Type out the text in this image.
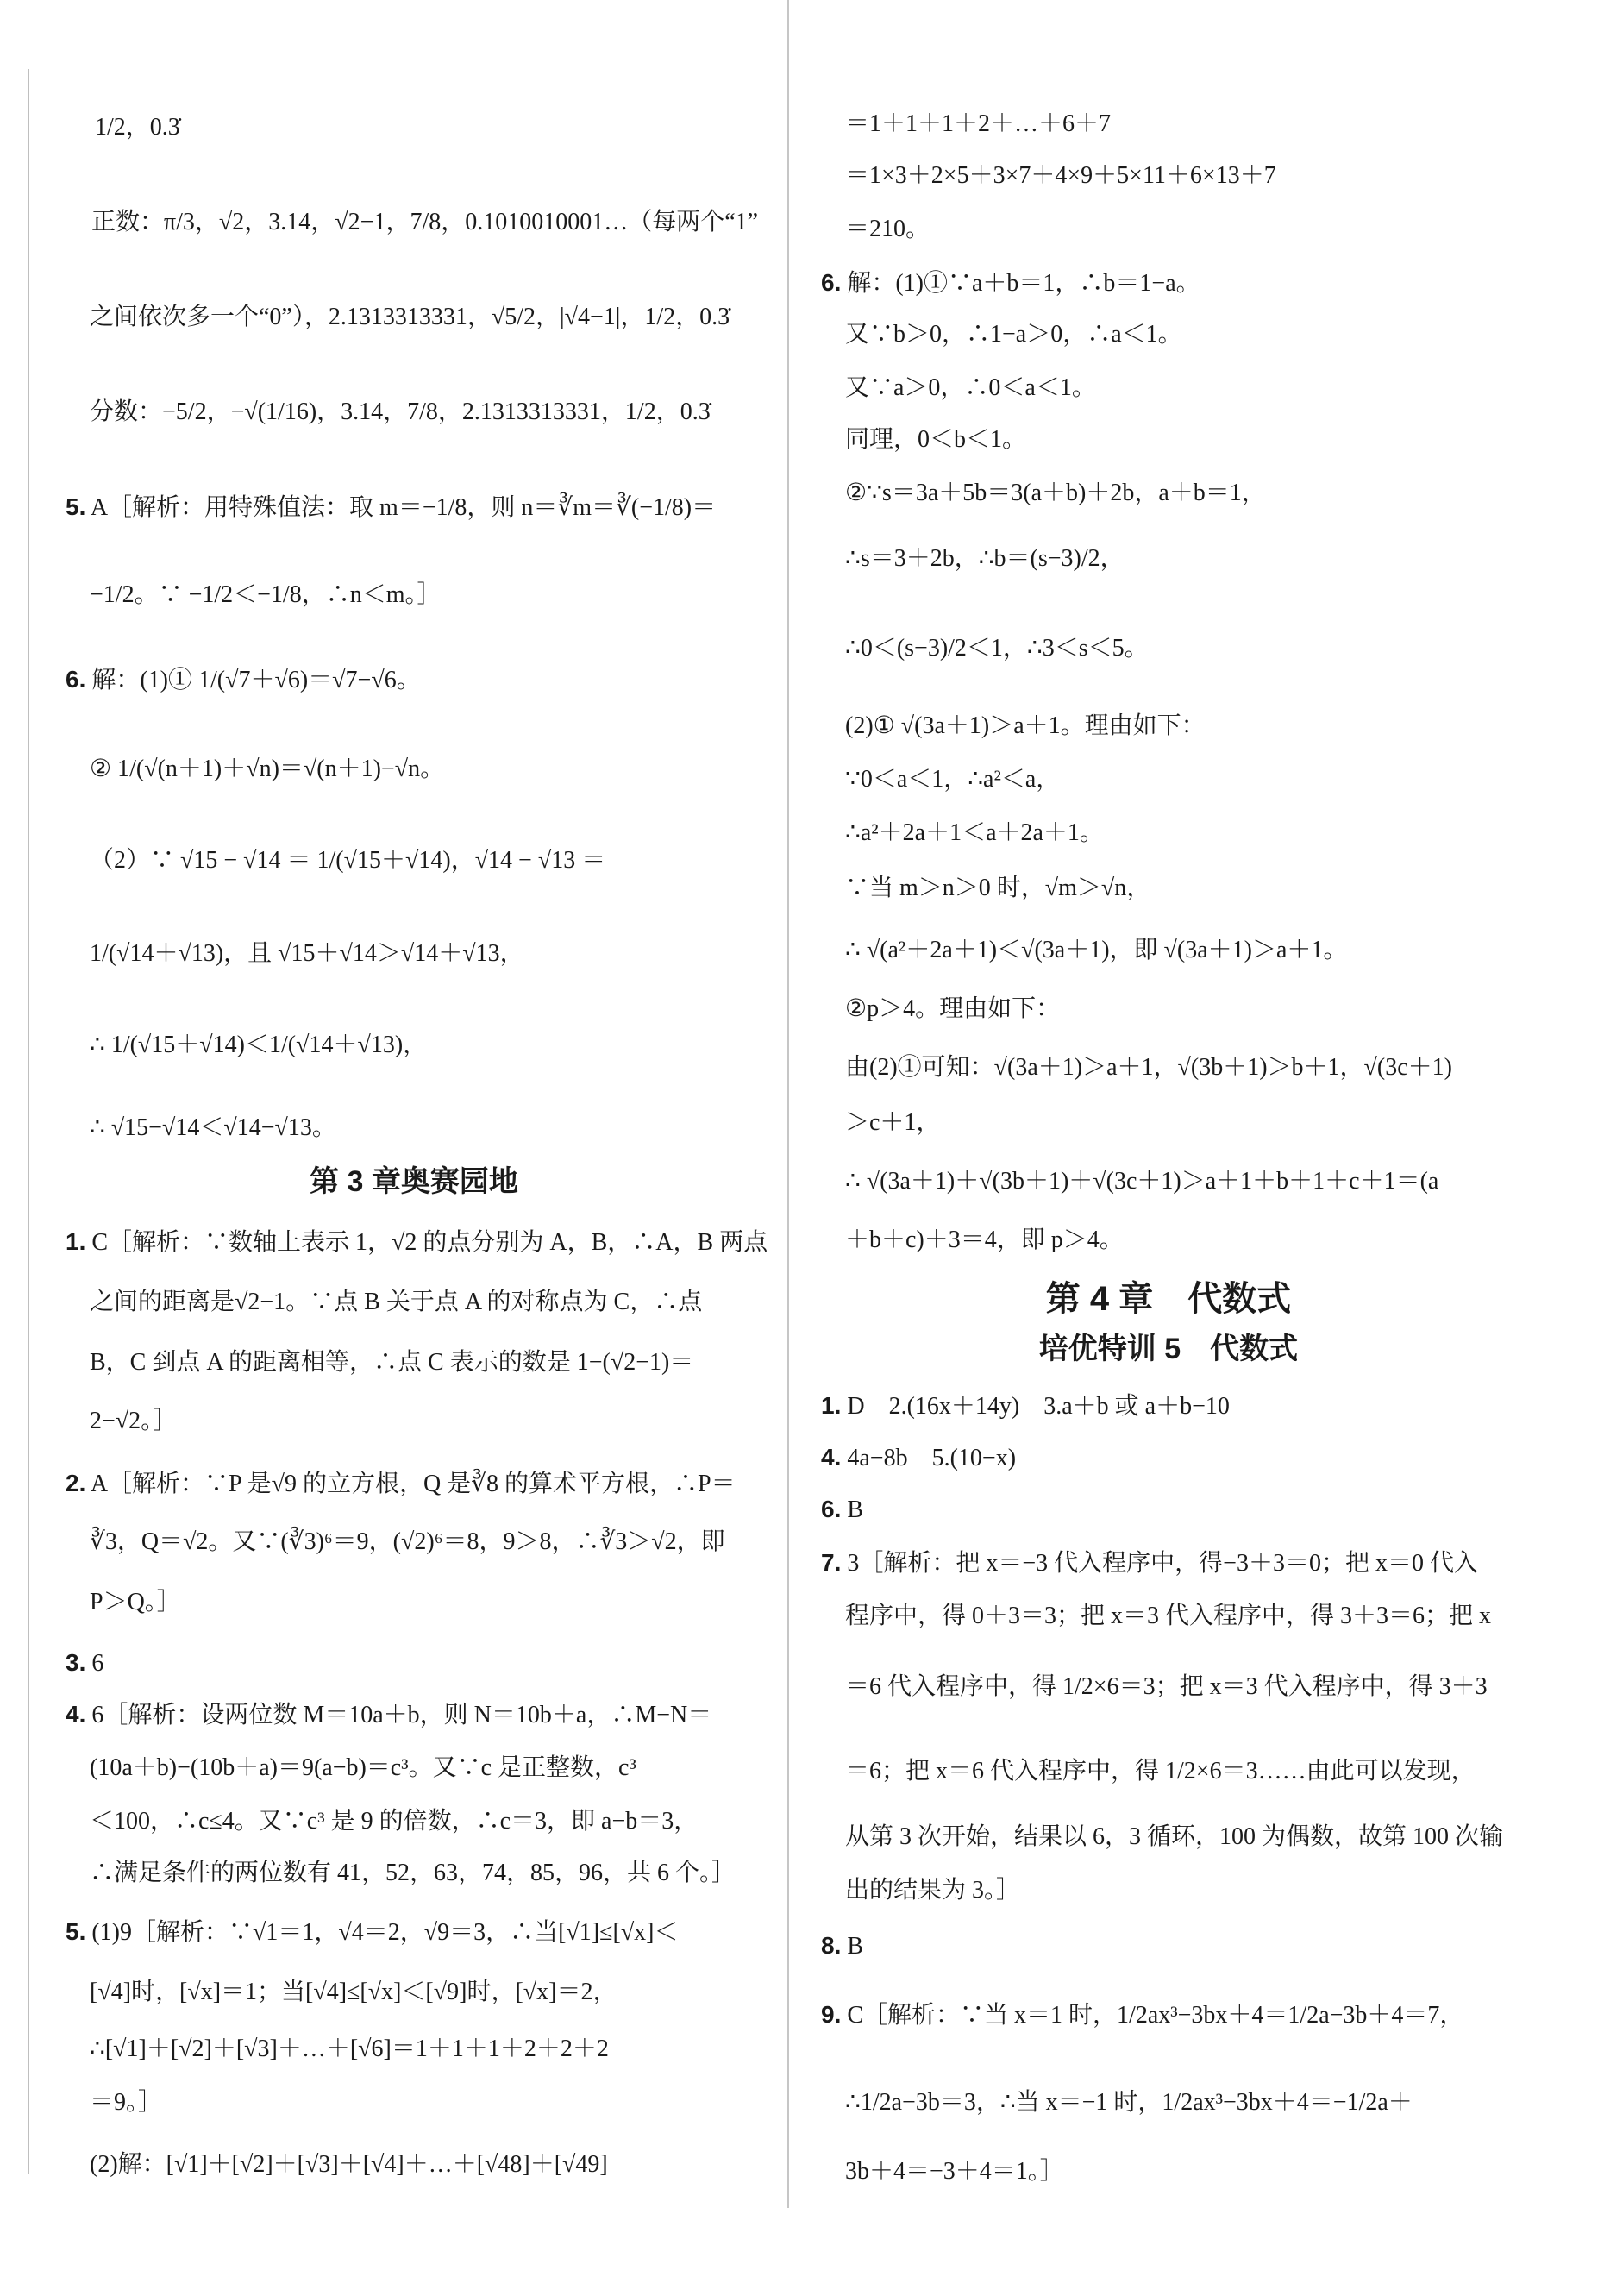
1/2，0.3̇
正数：π/3，√2，3.14，√2−1，7/8，0.1010010001…（每两个“1”
之间依次多一个“0”），2.1313313331，√5/2，|√4−1|，1/2，0.3̇
分数：−5/2，−√(1/16)，3.14，7/8，2.1313313331，1/2，0.3̇
5. A［解析：用特殊值法：取 m＝−1/8，则 n＝∛m＝∛(−1/8)＝
−1/2。∵ −1/2＜−1/8，∴n＜m。］
6. 解：(1)① 1/(√7＋√6)＝√7−√6。
② 1/(√(n＋1)＋√n)＝√(n＋1)−√n。
（2）∵ √15 − √14 ＝ 1/(√15＋√14)，√14 − √13 ＝
1/(√14＋√13)，且 √15＋√14＞√14＋√13，
∴ 1/(√15＋√14)＜1/(√14＋√13)，
∴ √15−√14＜√14−√13。
第 3 章奥赛园地
1. C［解析：∵数轴上表示 1，√2 的点分别为 A，B，∴A，B 两点
之间的距离是√2−1。∵点 B 关于点 A 的对称点为 C，∴点
B，C 到点 A 的距离相等，∴点 C 表示的数是 1−(√2−1)＝
2−√2。］
2. A［解析：∵P 是√9 的立方根，Q 是∛8 的算术平方根，∴P＝
∛3，Q＝√2。又∵(∛3)⁶＝9，(√2)⁶＝8，9＞8，∴∛3＞√2，即
P＞Q。］
3. 6
4. 6［解析：设两位数 M＝10a＋b，则 N＝10b＋a，∴M−N＝
(10a＋b)−(10b＋a)＝9(a−b)＝c³。又∵c 是正整数，c³
＜100，∴c≤4。又∵c³ 是 9 的倍数，∴c＝3，即 a−b＝3，
∴满足条件的两位数有 41，52，63，74，85，96，共 6 个。］
5. (1)9［解析：∵√1＝1，√4＝2，√9＝3，∴当[√1]≤[√x]＜
[√4]时，[√x]＝1；当[√4]≤[√x]＜[√9]时，[√x]＝2，
∴[√1]＋[√2]＋[√3]＋…＋[√6]＝1＋1＋1＋2＋2＋2
＝9。］
(2)解：[√1]＋[√2]＋[√3]＋[√4]＋…＋[√48]＋[√49]
＝1＋1＋1＋2＋…＋6＋7
＝1×3＋2×5＋3×7＋4×9＋5×11＋6×13＋7
＝210。
6. 解：(1)①∵a＋b＝1，∴b＝1−a。
又∵b＞0，∴1−a＞0，∴a＜1。
又∵a＞0，∴0＜a＜1。
同理，0＜b＜1。
②∵s＝3a＋5b＝3(a＋b)＋2b，a＋b＝1，
∴s＝3＋2b，∴b＝(s−3)/2，
∴0＜(s−3)/2＜1，∴3＜s＜5。
(2)① √(3a＋1)＞a＋1。理由如下：
∵0＜a＜1，∴a²＜a，
∴a²＋2a＋1＜a＋2a＋1。
∵当 m＞n＞0 时，√m＞√n，
∴ √(a²＋2a＋1)＜√(3a＋1)，即 √(3a＋1)＞a＋1。
②p＞4。理由如下：
由(2)①可知：√(3a＋1)＞a＋1，√(3b＋1)＞b＋1，√(3c＋1)
＞c＋1，
∴ √(3a＋1)＋√(3b＋1)＋√(3c＋1)＞a＋1＋b＋1＋c＋1＝(a
＋b＋c)＋3＝4，即 p＞4。
第 4 章　代数式
培优特训 5　代数式
1. D　2.(16x＋14y)　3.a＋b 或 a＋b−10
4. 4a−8b　5.(10−x)
6. B
7. 3［解析：把 x＝−3 代入程序中，得−3＋3＝0；把 x＝0 代入
程序中，得 0＋3＝3；把 x＝3 代入程序中，得 3＋3＝6；把 x
＝6 代入程序中，得 1/2×6＝3；把 x＝3 代入程序中，得 3＋3
＝6；把 x＝6 代入程序中，得 1/2×6＝3……由此可以发现，
从第 3 次开始，结果以 6，3 循环，100 为偶数，故第 100 次输
出的结果为 3。］
8. B
9. C［解析：∵当 x＝1 时，1/2ax³−3bx＋4＝1/2a−3b＋4＝7，
∴1/2a−3b＝3，∴当 x＝−1 时，1/2ax³−3bx＋4＝−1/2a＋
3b＋4＝−3＋4＝1。］
